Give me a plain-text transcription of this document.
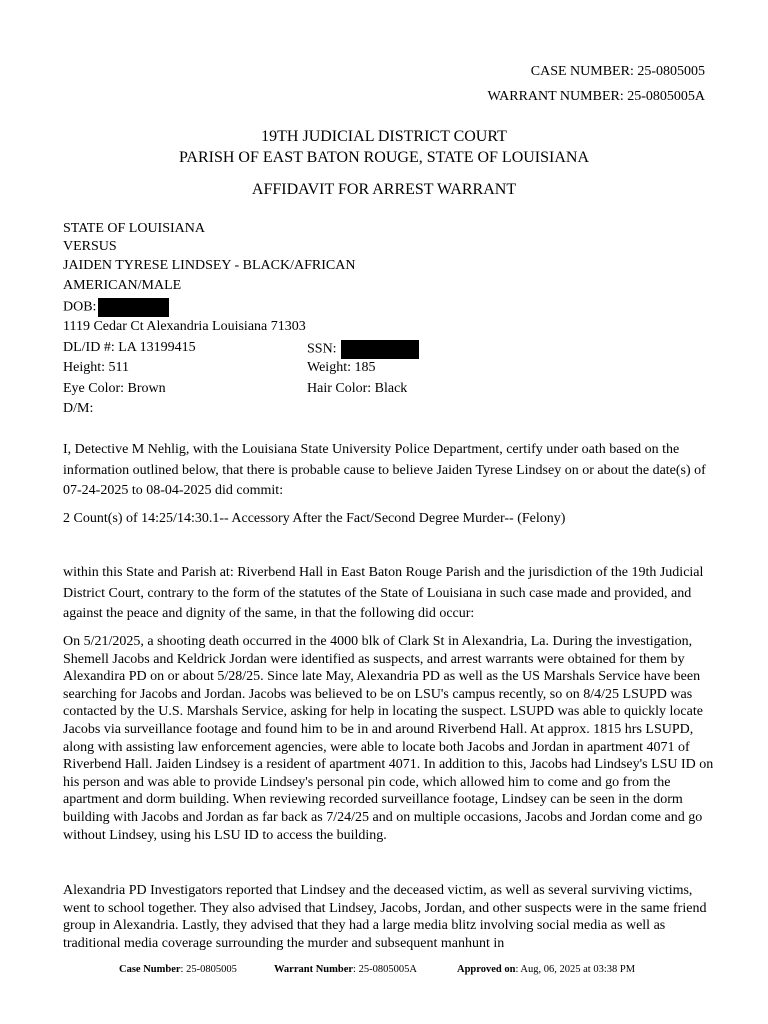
CASE NUMBER: 25-0805005
WARRANT NUMBER: 25-0805005A
19TH JUDICIAL DISTRICT COURT
PARISH OF EAST BATON ROUGE, STATE OF LOUISIANA
AFFIDAVIT FOR ARREST WARRANT
STATE OF LOUISIANA
VERSUS
JAIDEN TYRESE LINDSEY - BLACK/AFRICAN
AMERICAN/MALE
DOB:
1119 Cedar Ct Alexandria Louisiana 71303
DL/ID #: LA 13199415	SSN:
Height: 511	Weight: 185
Eye Color: Brown	Hair Color: Black
D/M:
I, Detective M Nehlig, with the Louisiana State University Police Department, certify under oath based on the information outlined below, that there is probable cause to believe Jaiden Tyrese Lindsey on or about the date(s) of 07-24-2025 to 08-04-2025 did commit:
2 Count(s) of 14:25/14:30.1-- Accessory After the Fact/Second Degree Murder-- (Felony)
within this State and Parish at: Riverbend Hall in East Baton Rouge Parish and the jurisdiction of the 19th Judicial District Court, contrary to the form of the statutes of the State of Louisiana in such case made and provided, and against the peace and dignity of the same, in that the following did occur:
On 5/21/2025, a shooting death occurred in the 4000 blk of Clark St in Alexandria, La. During the investigation, Shemell Jacobs and Keldrick Jordan were identified as suspects, and arrest warrants were obtained for them by Alexandira PD on or about 5/28/25. Since late May, Alexandria PD as well as the US Marshals Service have been searching for Jacobs and Jordan. Jacobs was believed to be on LSU's campus recently, so on 8/4/25 LSUPD was contacted by the U.S. Marshals Service, asking for help in locating the suspect. LSUPD was able to quickly locate Jacobs via surveillance footage and found him to be in and around Riverbend Hall. At approx. 1815 hrs LSUPD, along with assisting law enforcement agencies, were able to locate both Jacobs and Jordan in apartment 4071 of Riverbend Hall. Jaiden Lindsey is a resident of apartment 4071. In addition to this, Jacobs had Lindsey's LSU ID on his person and was able to provide Lindsey's personal pin code, which allowed him to come and go from the apartment and dorm building. When reviewing recorded surveillance footage, Lindsey can be seen in the dorm building with Jacobs and Jordan as far back as 7/24/25 and on multiple occasions, Jacobs and Jordan come and go without Lindsey, using his LSU ID to access the building.
Alexandria PD Investigators reported that Lindsey and the deceased victim, as well as several surviving victims, went to school together. They also advised that Lindsey, Jacobs, Jordan, and other suspects were in the same friend group in Alexandria. Lastly, they advised that they had a large media blitz involving social media as well as traditional media coverage surrounding the murder and subsequent manhunt in
Case Number: 25-0805005	Warrant Number: 25-0805005A	Approved on: Aug, 06, 2025 at 03:38 PM
